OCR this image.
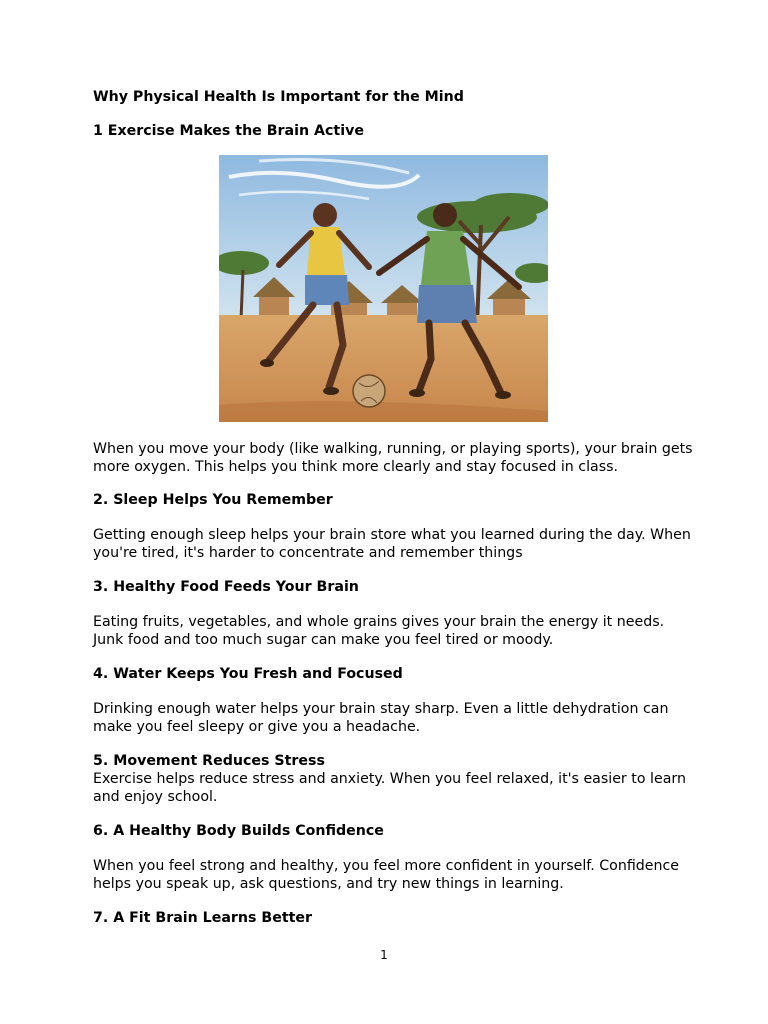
Why Physical Health Is Important for the Mind

1 Exercise Makes the Brain Active

When you move your body (like walking, running, or playing sports), your brain gets more oxygen. This helps you think more clearly and stay focused in class.

2. Sleep Helps You Remember

Getting enough sleep helps your brain store what you learned during the day. When you're tired, it's harder to concentrate and remember things

3. Healthy Food Feeds Your Brain

Eating fruits, vegetables, and whole grains gives your brain the energy it needs. Junk food and too much sugar can make you feel tired or moody.

4. Water Keeps You Fresh and Focused

Drinking enough water helps your brain stay sharp. Even a little dehydration can make you feel sleepy or give you a headache.

5. Movement Reduces Stress

Exercise helps reduce stress and anxiety. When you feel relaxed, it's easier to learn and enjoy school.

6. A Healthy Body Builds Confidence

When you feel strong and healthy, you feel more confident in yourself. Confidence helps you speak up, ask questions, and try new things in learning.

7. A Fit Brain Learns Better

1
